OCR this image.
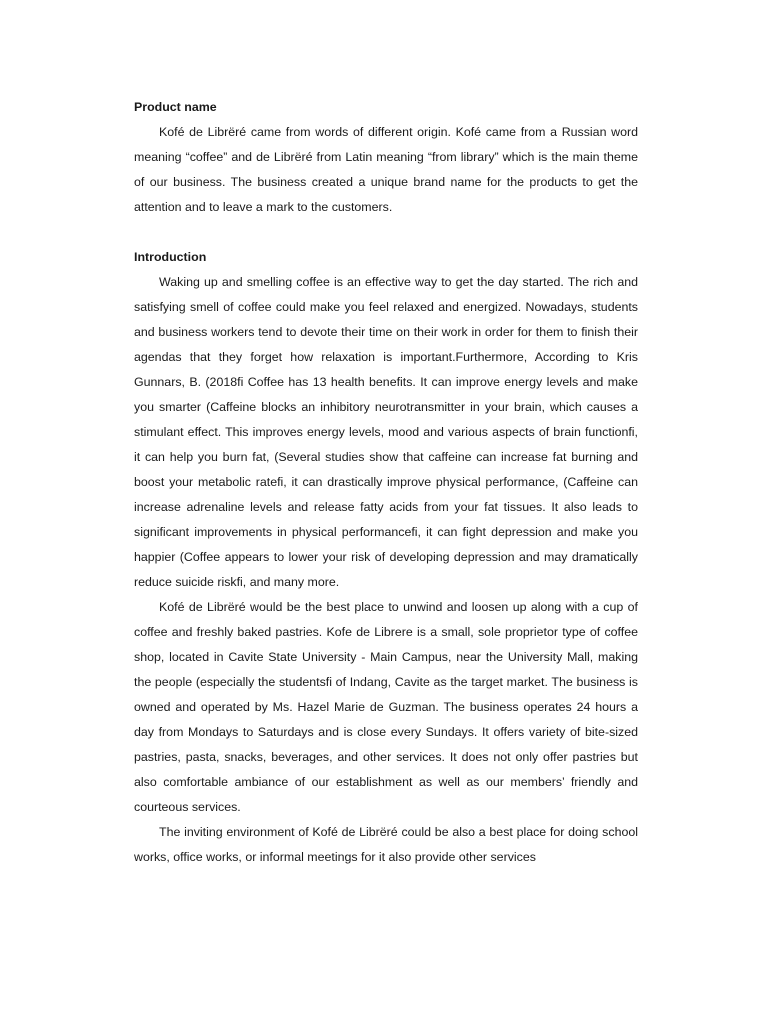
Product name

Kofé de Librëré came from words of different origin. Kofé came from a Russian word meaning “coffee” and de Librëré from Latin meaning “from library” which is the main theme of our business. The business created a unique brand name for the products to get the attention and to leave a mark to the customers.

Introduction

Waking up and smelling coffee is an effective way to get the day started. The rich and satisfying smell of coffee could make you feel relaxed and energized. Nowadays, students and business workers tend to devote their time on their work in order for them to finish their agendas that they forget how relaxation is important.Furthermore, According to Kris Gunnars, B. (2018fi Coffee has 13 health benefits. It can improve energy levels and make you smarter (Caffeine blocks an inhibitory neurotransmitter in your brain, which causes a stimulant effect. This improves energy levels, mood and various aspects of brain functionfi, it can help you burn fat, (Several studies show that caffeine can increase fat burning and boost your metabolic ratefi, it can drastically improve physical performance, (Caffeine can increase adrenaline levels and release fatty acids from your fat tissues. It also leads to significant improvements in physical performancefi, it can fight depression and make you happier (Coffee appears to lower your risk of developing depression and may dramatically reduce suicide riskfi, and many more.

Kofé de Librëré would be the best place to unwind and loosen up along with a cup of coffee and freshly baked pastries. Kofe de Librere is a small, sole proprietor type of coffee shop, located in Cavite State University - Main Campus, near the University Mall, making the people (especially the studentsfi of Indang, Cavite as the target market. The business is owned and operated by Ms. Hazel Marie de Guzman. The business operates 24 hours a day from Mondays to Saturdays and is close every Sundays. It offers variety of bite-sized pastries, pasta, snacks, beverages, and other services. It does not only offer pastries but also comfortable ambiance of our establishment as well as our members’ friendly and courteous services.

The inviting environment of Kofé de Librëré could be also a best place for doing school works, office works, or informal meetings for it also provide other services
